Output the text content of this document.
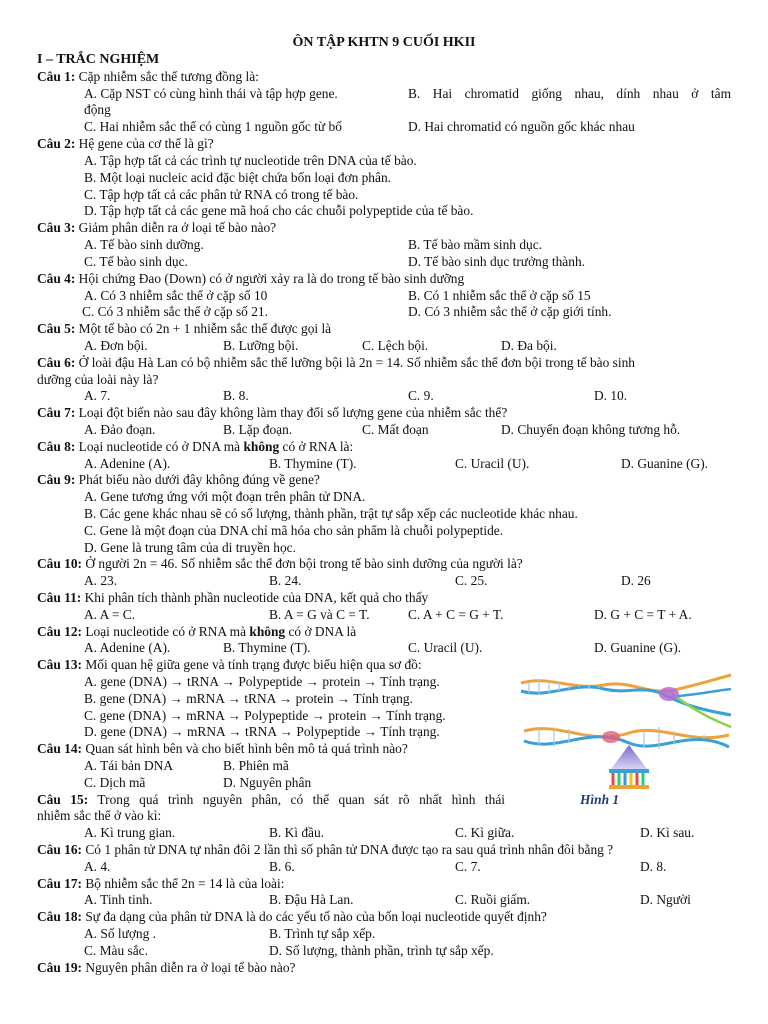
ÔN TẬP KHTN 9 CUỐI HKII
I – TRẮC NGHIỆM
Câu 1: Cặp nhiễm sắc thể tương đồng là:
A. Cặp NST có cùng hình thái và tập hợp gene.	B. Hai chromatid giống nhau, dính nhau ở tâm
động
C. Hai nhiễm sắc thể có cùng 1 nguồn gốc từ bố	D. Hai chromatid có nguồn gốc khác nhau
Câu 2: Hệ gene của cơ thể là gì?
A. Tập hợp tất cả các trình tự nucleotide trên DNA của tế bào.
B. Một loại nucleic acid đặc biệt chứa bốn loại đơn phân.
C. Tập hợp tất cả các phân tử RNA có trong tế bào.
D. Tập hợp tất cả các gene mã hoá cho các chuỗi polypeptide của tế bào.
Câu 3: Giảm phân diễn ra ở loại tế bào nào?
A. Tế bào sinh dưỡng.	B. Tế bào mầm sinh dục.
C. Tế bào sinh dục.	D. Tế bào sinh dục trưởng thành.
Câu 4: Hội chứng Đao (Down) có ở người xảy ra là do trong tế bào sinh dưỡng
A. Có 3 nhiễm sắc thể ở cặp số 10	B. Có 1 nhiễm sắc thể ở cặp số 15
C. Có 3 nhiễm sắc thể ở cặp số 21.	D. Có 3 nhiễm sắc thể ở cặp giới tính.
Câu 5: Một tế bào có 2n + 1 nhiễm sắc thể được gọi là
A. Đơn bội.	B. Lưỡng bội.	C. Lệch bội.	D. Đa bội.
Câu 6: Ở loài đậu Hà Lan có bộ nhiễm sắc thể lưỡng bội là 2n = 14. Số nhiễm sắc thể đơn bội trong tế bào sinh
dưỡng của loài này là?
A. 7.	B. 8.	C. 9.	D. 10.
Câu 7: Loại đột biến nào sau đây không làm thay đổi số lượng gene của nhiễm sắc thể?
A. Đảo đoạn.	B. Lặp đoạn.	C. Mất đoạn	D. Chuyển đoạn không tương hỗ.
Câu 8: Loại nucleotide có ở DNA mà không có ở RNA là:
A. Adenine (A).	B. Thymine (T).	C. Uracil (U).	D. Guanine (G).
Câu 9: Phát biểu nào dưới đây không đúng về gene?
A. Gene tương ứng với một đoạn trên phân tử DNA.
B. Các gene khác nhau sẽ có số lượng, thành phần, trật tự sắp xếp các nucleotide khác nhau.
C. Gene là một đoạn của DNA chỉ mã hóa cho sản phẩm là chuỗi polypeptide.
D. Gene là trung tâm của di truyền học.
Câu 10: Ở người 2n = 46. Số nhiễm sắc thể đơn bội trong tế bào sinh dưỡng của người là?
A. 23.	B. 24.	C. 25.	D. 26
Câu 11: Khi phân tích thành phần nucleotide của DNA, kết quả cho thấy
A. A = C.	B. A = G và C = T.	C. A + C = G + T.	D. G + C = T + A.
Câu 12: Loại nucleotide có ở RNA mà không có ở DNA là
A. Adenine (A).	B. Thymine (T).	C. Uracil (U).	D. Guanine (G).
Câu 13: Mối quan hệ giữa gene và tính trạng được biểu hiện qua sơ đồ:
A. gene (DNA) → tRNA → Polypeptide → protein → Tính trạng.
B. gene (DNA) → mRNA → tRNA → protein → Tính trạng.
C. gene (DNA) → mRNA → Polypeptide → protein → Tính trạng.
D. gene (DNA) → mRNA → tRNA → Polypeptide → Tính trạng.
Câu 14: Quan sát hình bên và cho biết hình bên mô tả quá trình nào?
A. Tái bản DNA	B. Phiên mã
C. Dịch mã	D. Nguyên phân
Hình 1
Câu 15: Trong quá trình nguyên phân, có thể quan sát rõ nhất hình thái
nhiễm sắc thể ở vào kì:
A. Kì trung gian.	B. Kì đầu.	C. Kì giữa.	D. Kì sau.
Câu 16: Có 1 phân tử DNA tự nhân đôi 2 lần thì số phân tử DNA được tạo ra sau quá trình nhân đôi bằng ?
A. 4.	B. 6.	C. 7.	D. 8.
Câu 17: Bộ nhiễm sắc thể 2n = 14 là của loài:
A. Tinh tinh.	B. Đậu Hà Lan.	C. Ruồi giấm.	D. Người
Câu 18: Sự đa dạng của phân tử DNA là do các yếu tố nào của bốn loại nucleotide quyết định?
A. Số lượng .	B. Trình tự sắp xếp.
C. Màu sắc.	D. Số lượng, thành phần, trình tự sắp xếp.
Câu 19: Nguyên phân diễn ra ở loại tế bào nào?
